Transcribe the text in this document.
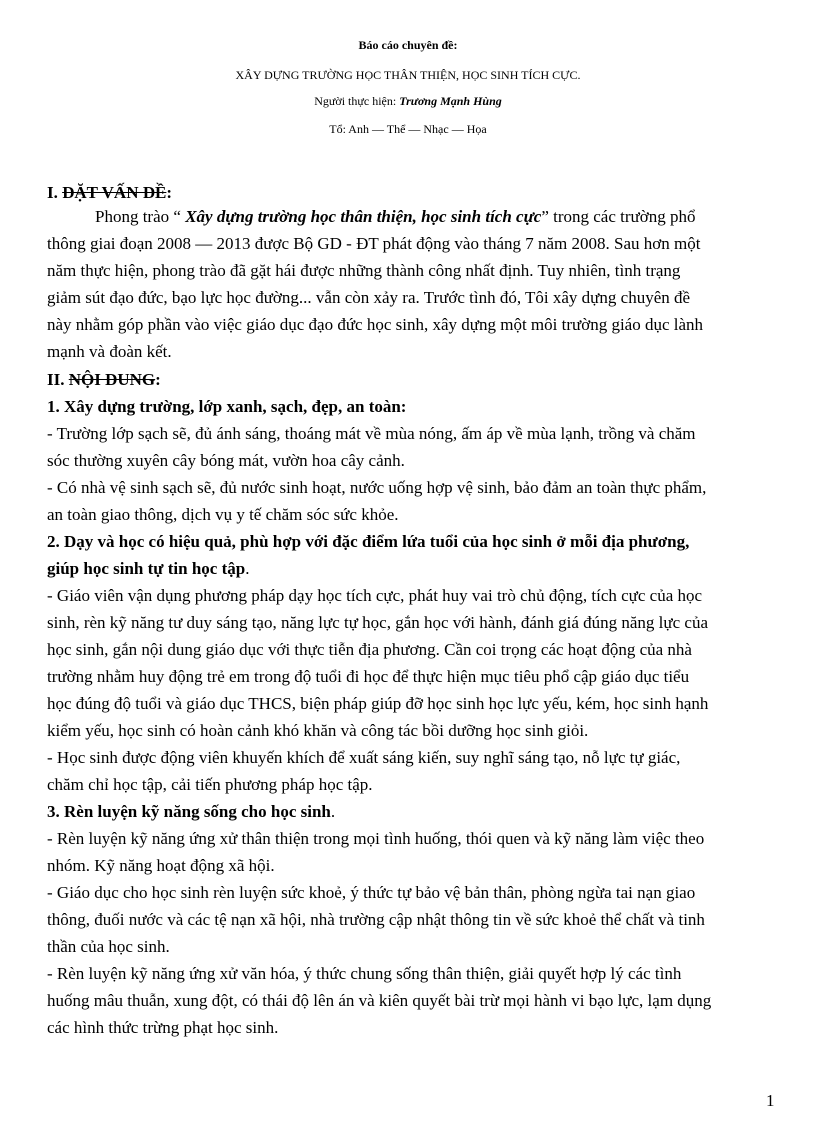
Báo cáo chuyên đề:
XÂY DỰNG TRƯỜNG HỌC THÂN THIỆN, HỌC SINH TÍCH CỰC.
Người thực hiện: Trương Mạnh Hùng
Tổ: Anh — Thể — Nhạc — Họa
I. ĐẶT VẤN ĐỀ:
Phong trào “ Xây dựng trường học thân thiện, học sinh tích cực” trong các trường phổ
thông giai đoạn 2008 — 2013 được Bộ GD - ĐT phát động vào tháng 7 năm 2008. Sau hơn một
năm thực hiện, phong trào đã gặt hái được những thành công nhất định. Tuy nhiên, tình trạng
giảm sút đạo đức, bạo lực học đường... vẫn còn xảy ra. Trước tình đó, Tôi xây dựng chuyên đề
này nhằm góp phần vào việc giáo dục đạo đức học sinh, xây dựng một môi trường giáo dục lành
mạnh và đoàn kết.
II. NỘI DUNG:
1. Xây dựng trường, lớp xanh, sạch, đẹp, an toàn:
- Trường lớp sạch sẽ, đủ ánh sáng, thoáng mát về mùa nóng, ấm áp về mùa lạnh, trồng và chăm
sóc thường xuyên cây bóng mát, vườn hoa cây cảnh.
- Có nhà vệ sinh sạch sẽ, đủ nước sinh hoạt, nước uống hợp vệ sinh, bảo đảm an toàn thực phẩm,
an toàn giao thông, dịch vụ y tế chăm sóc sức khỏe.
2. Dạy và học có hiệu quả, phù hợp với đặc điểm lứa tuổi của học sinh ở mỗi địa phương,
giúp học sinh tự tin học tập.
- Giáo viên vận dụng phương pháp dạy học tích cực, phát huy vai trò chủ động, tích cực của học
sinh, rèn kỹ năng tư duy sáng tạo, năng lực tự học, gắn học với hành, đánh giá đúng năng lực của
học sinh, gắn nội dung giáo dục với thực tiễn địa phương. Cần coi trọng các hoạt động của nhà
trường nhằm huy động trẻ em trong độ tuổi đi học để thực hiện mục tiêu phổ cập giáo dục tiểu
học đúng độ tuổi và giáo dục THCS, biện pháp giúp đỡ học sinh học lực yếu, kém, học sinh hạnh
kiểm yếu, học sinh có hoàn cảnh khó khăn và công tác bồi dưỡng học sinh giỏi.
- Học sinh được động viên khuyến khích để xuất sáng kiến, suy nghĩ sáng tạo, nỗ lực tự giác,
chăm chỉ học tập, cải tiến phương pháp học tập.
3. Rèn luyện kỹ năng sống cho học sinh.
- Rèn luyện kỹ năng ứng xử thân thiện trong mọi tình huống, thói quen và kỹ năng làm việc theo
nhóm. Kỹ năng hoạt động xã hội.
- Giáo dục cho học sinh rèn luyện sức khoẻ, ý thức tự bảo vệ bản thân, phòng ngừa tai nạn giao
thông, đuối nước và các tệ nạn xã hội, nhà trường cập nhật thông tin về sức khoẻ thể chất và tinh
thần của học sinh.
- Rèn luyện kỹ năng ứng xử văn hóa, ý thức chung sống thân thiện, giải quyết hợp lý các tình
huống mâu thuẫn, xung đột, có thái độ lên án và kiên quyết bài trừ mọi hành vi bạo lực, lạm dụng
các hình thức trừng phạt học sinh.
1
